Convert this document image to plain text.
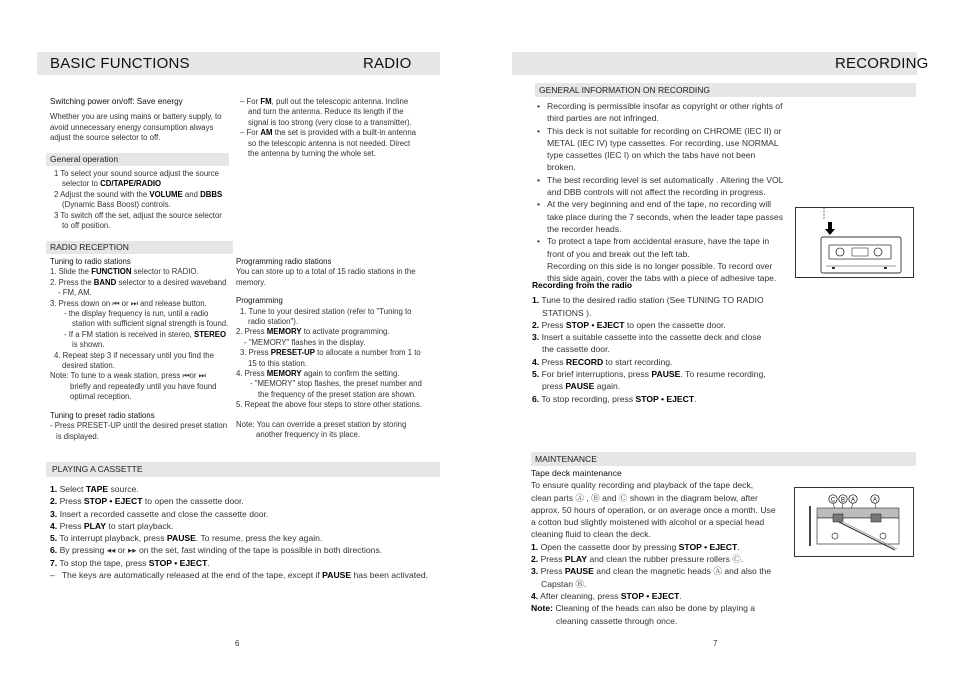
BASIC FUNCTIONS	RADIO

Switching power on/off: Save energy

Whether you are using mains or battery supply, to avoid unnecessary energy consumption always adjust the source selector to off.

General operation

1 To select your sound source adjust the source selector to CD/TAPE/RADIO

2 Adjust the sound with the VOLUME and DBBS (Dynamic Bass Boost) controls.

3 To switch off the set, adjust the source selector to off position.

– For FM, pull out the telescopic antenna. Incline and turn the antenna. Reduce its length if the signal is too strong (very close to a transmitter).

– For AM the set is provided with a built-in antenna so the telescopic antenna is not needed. Direct the antenna by turning the whole set.

RADIO RECEPTION

Tuning to radio stations

1. Slide the FUNCTION selector to RADIO.

2. Press the BAND selector to a desired waveband

- FM, AM.

3. Press down on ⏮ or ⏭ and release button.

- the display frequency is run, until a radio station with sufficient signal strength is found.

- If a FM station is received in stereo, STEREO is shown.

4. Repeat step 3 if necessary until you find the desired station.

Note: To tune to a weak station, press ⏮or ⏭

briefly and repeatedly until you have found optimal reception.

Tuning to preset radio stations

- Press PRESET-UP until the desired preset station is displayed.

Programming radio stations

You can store up to a total of 15 radio stations in the memory.

Programming

1. Tune to your desired station (refer to "Tuning to radio station").

2. Press MEMORY to activate programming.

- "MEMORY" flashes in the display.

3. Press PRESET-UP to allocate a number from 1 to 15 to this station.

4. Press MEMORY again to confirm the setting.

- "MEMORY" stop flashes, the preset number and the frequency of the preset station are shown.

5. Repeat the above four steps to store other stations.

Note: You can override a preset station by storing another frequency in its place.

PLAYING A CASSETTE

1. Select TAPE source.

2. Press STOP • EJECT to open the cassette door.

3. Insert a recorded cassette and close the cassette door.

4. Press PLAY to start playback.

5. To interrupt playback, press PAUSE. To resume, press the key again.

6. By pressing ◂◂ or ▸▸ on the set, fast winding of the tape is possible in both directions.

7. To stop the tape, press STOP • EJECT.

–   The keys are automatically released at the end of the tape, except if PAUSE has been activated.

6
RECORDING
GENERAL INFORMATION ON RECORDING

• Recording is permissible insofar as copyright or other rights of third parties are not infringed.

• This deck is not suitable for recording on CHROME (IEC II) or METAL (IEC IV) type cassettes. For recording, use NORMAL type cassettes (IEC I) on which the tabs have not been broken.

• The best recording level is set automatically . Altering the VOL and DBB controls will not affect the recording in progress.

• At the very beginning and end of the tape, no recording will take place during the 7 seconds, when the leader tape passes the recorder heads.

• To protect a tape from accidental erasure, have the tape in front of you and break out the left tab.

Recording on this side is no longer possible. To record over this side again, cover the tabs with a piece of adhesive tape.

Recording from the radio

1. Tune to the desired radio station (See TUNING TO RADIO STATIONS ).

2. Press STOP • EJECT to open the cassette door.

3. Insert a suitable cassette into the cassette deck and close the cassette door.

4. Press RECORD to start recording.

5. For brief interruptions, press PAUSE. To resume recording, press PAUSE again.

6. To stop recording, press STOP • EJECT.

MAINTENANCE

Tape deck maintenance

To ensure quality recording and playback of the tape deck, clean parts Ⓐ , Ⓑ and Ⓒ shown in the diagram below, after approx. 50 hours of operation, or on average once a month. Use a cotton bud slightly moistened with alcohol or a special head cleaning fluid to clean the deck.

1. Open the cassette door by pressing STOP • EJECT.

2. Press PLAY and clean the rubber pressure rollers Ⓒ.

3. Press PAUSE and clean the magnetic heads Ⓐ and also the Capstan Ⓑ.

4. After cleaning, press STOP • EJECT.

Note: Cleaning of the heads can also be done by playing a cleaning cassette through once.

C B A	A
7
